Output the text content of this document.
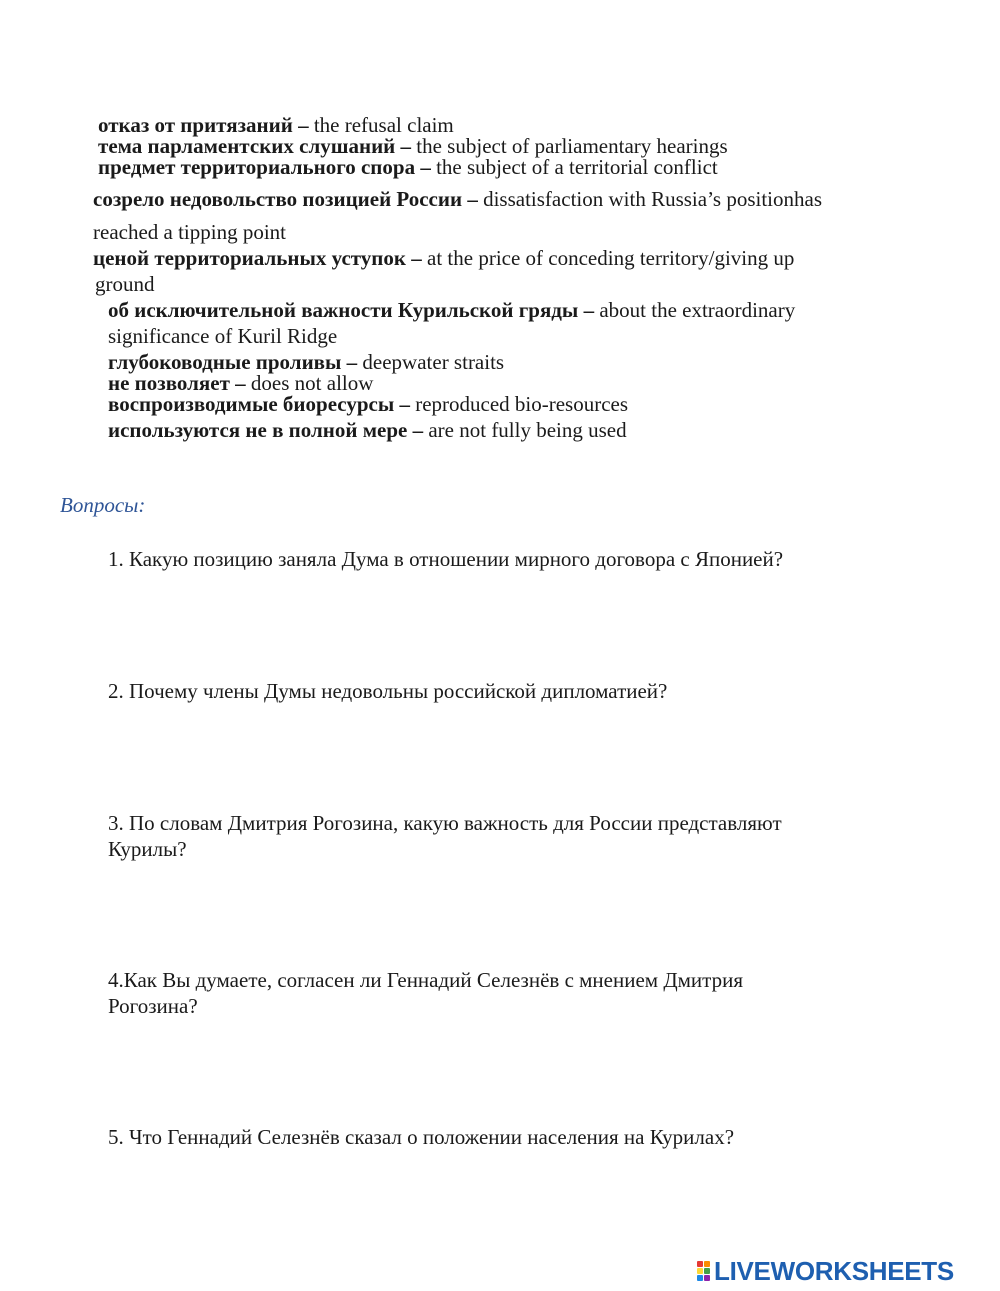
отказ от притязаний – the refusal claim
тема парламентских слушаний – the subject of parliamentary hearings
предмет территориального спора – the subject of a territorial conflict
созрело недовольство позицией России – dissatisfaction with Russia’s positionhas
reached a tipping point
ценой территориальных уступок – at the price of conceding territory/giving up
ground
об исключительной важности Курильской гряды – about the extraordinary
significance of Kuril Ridge
глубоководные проливы – deepwater straits
не позволяет – does not allow
воспроизводимые биоресурсы – reproduced bio-resources
используются не в полной мере – are not fully being used
Вопросы:
1. Какую позицию заняла Дума в отношении мирного договора с Японией?
2. Почему члены Думы недовольны российской дипломатией?
3. По словам Дмитрия Рогозина, какую важность для России представляют
Курилы?
4.Как Вы думаете, согласен ли Геннадий Селезнёв с мнением Дмитрия
Рогозина?
5. Что Геннадий Селезнёв сказал о положении населения на Курилах?
LIVEWORKSHEETS
